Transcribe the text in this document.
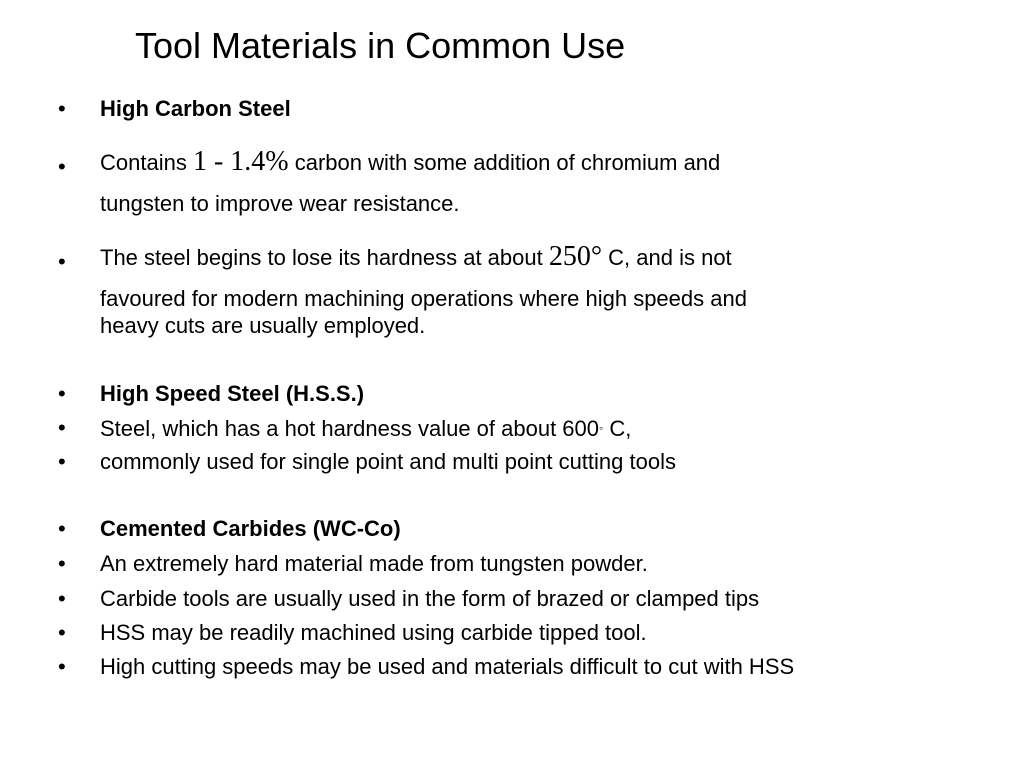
Tool Materials in Common Use
• High Carbon Steel
• Contains 1 - 1.4% carbon with some addition of chromium and
tungsten to improve wear resistance.
• The steel begins to lose its hardness at about 250° C, and is not
favoured for modern machining operations where high speeds and
heavy cuts are usually employed.
• High Speed Steel (H.S.S.)
• Steel, which has a hot hardness value of about 600◦ C,
• commonly used for single point and multi point cutting tools
• Cemented Carbides (WC-Co)
• An extremely hard material made from tungsten powder.
• Carbide tools are usually used in the form of brazed or clamped tips
• HSS may be readily machined using carbide tipped tool.
• High cutting speeds may be used and materials difficult to cut with HSS
